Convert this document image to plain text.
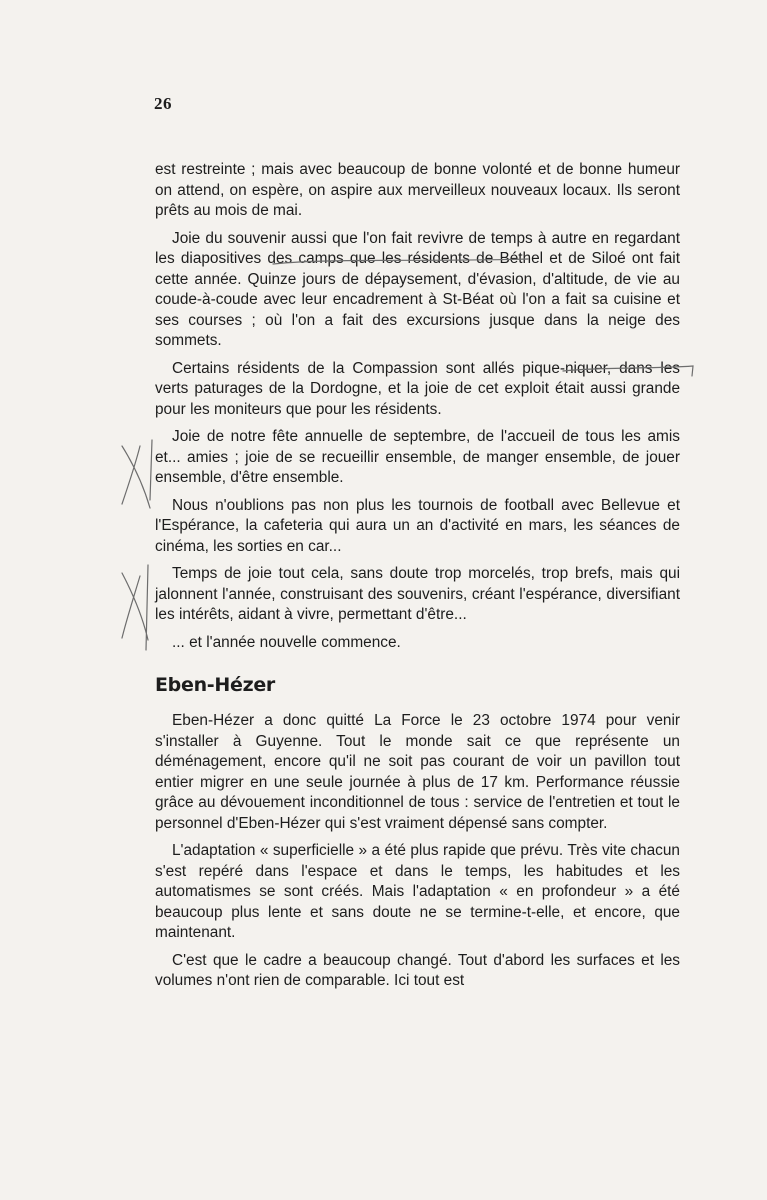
26

est restreinte ; mais avec beaucoup de bonne volonté et de bonne humeur on attend, on espère, on aspire aux merveilleux nouveaux locaux. Ils seront prêts au mois de mai.

Joie du souvenir aussi que l'on fait revivre de temps à autre en regardant les diapositives des camps que les résidents de Béthel et de Siloé ont fait cette année. Quinze jours de dépaysement, d'évasion, d'altitude, de vie au coude-à-coude avec leur encadrement à St-Béat où l'on a fait sa cuisine et ses courses ; où l'on a fait des excursions jusque dans la neige des sommets.

Certains résidents de la Compassion sont allés pique-niquer, dans les verts paturages de la Dordogne, et la joie de cet exploit était aussi grande pour les moniteurs que pour les résidents.

Joie de notre fête annuelle de septembre, de l'accueil de tous les amis et... amies ; joie de se recueillir ensemble, de manger ensemble, de jouer ensemble, d'être ensemble.

Nous n'oublions pas non plus les tournois de football avec Bellevue et l'Espérance, la cafeteria qui aura un an d'activité en mars, les séances de cinéma, les sorties en car...

Temps de joie tout cela, sans doute trop morcelés, trop brefs, mais qui jalonnent l'année, construisant des souvenirs, créant l'espérance, diversifiant les intérêts, aidant à vivre, permettant d'être...

... et l'année nouvelle commence.

Eben-Hézer

Eben-Hézer a donc quitté La Force le 23 octobre 1974 pour venir s'installer à Guyenne. Tout le monde sait ce que représente un déménagement, encore qu'il ne soit pas courant de voir un pavillon tout entier migrer en une seule journée à plus de 17 km. Performance réussie grâce au dévouement inconditionnel de tous : service de l'entretien et tout le personnel d'Eben-Hézer qui s'est vraiment dépensé sans compter.

L'adaptation « superficielle » a été plus rapide que prévu. Très vite chacun s'est repéré dans l'espace et dans le temps, les habitudes et les automatismes se sont créés. Mais l'adaptation « en profondeur » a été beaucoup plus lente et sans doute ne se termine-t-elle, et encore, que maintenant.

C'est que le cadre a beaucoup changé. Tout d'abord les surfaces et les volumes n'ont rien de comparable. Ici tout est
